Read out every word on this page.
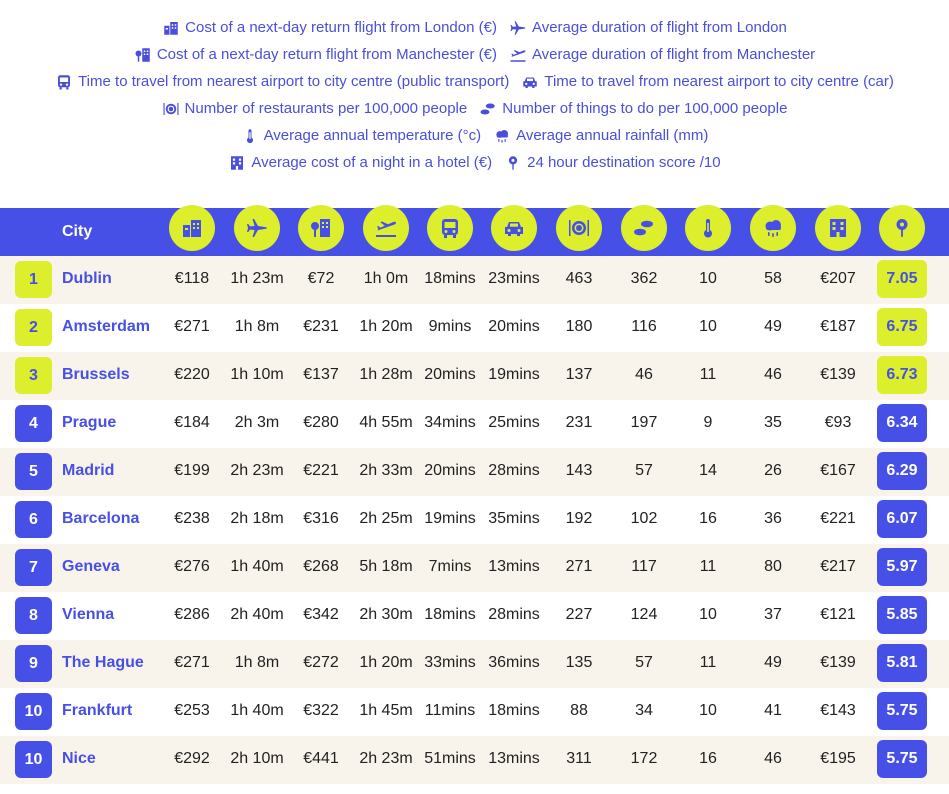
Cost of a next-day return flight from London (€) Average duration of flight from London
Cost of a next-day return flight from Manchester (€) Average duration of flight from Manchester
Time to travel from nearest airport to city centre (public transport) Time to travel from nearest airport to city centre (car)
Number of restaurants per 100,000 people Number of things to do per 100,000 people
Average annual temperature (°c) Average annual rainfall (mm)
Average cost of a night in a hotel (€) 24 hour destination score /10
City
1	Dublin	€118 1h 23m €72 1h 0m 18mins 23mins 463 362	10	58 €207	7.05
2	Amsterdam €271 1h 8m €231 1h 20m 9mins 20mins 180 116	10	49 €187	6.75
3	Brussels	€220 1h 10m €137 1h 28m 20mins 19mins 137	46	11	46 €139	6.73
4	Prague	€184 2h 3m €280 4h 55m 34mins 25mins 231 197	9	35	€93	6.34
5	Madrid	€199 2h 23m €221 2h 33m 20mins 28mins 143	57	14	26 €167	6.29
6	Barcelona €238 2h 18m €316 2h 25m 19mins 35mins 192 102	16	36 €221	6.07
7	Geneva	€276 1h 40m €268 5h 18m 7mins 13mins 271 117	11	80 €217	5.97
8	Vienna	€286 2h 40m €342 2h 30m 18mins 28mins 227 124	10	37 €121	5.85
9	The Hague €271 1h 8m €272 1h 20m 33mins 36mins 135	57	11	49 €139	5.81
10	Frankfurt	€253 1h 40m €322 1h 45m 11mins 18mins 88	34	10	41 €143	5.75
10	Nice	€292 2h 10m €441 2h 23m 51mins 13mins 311 172	16	46 €195	5.75
